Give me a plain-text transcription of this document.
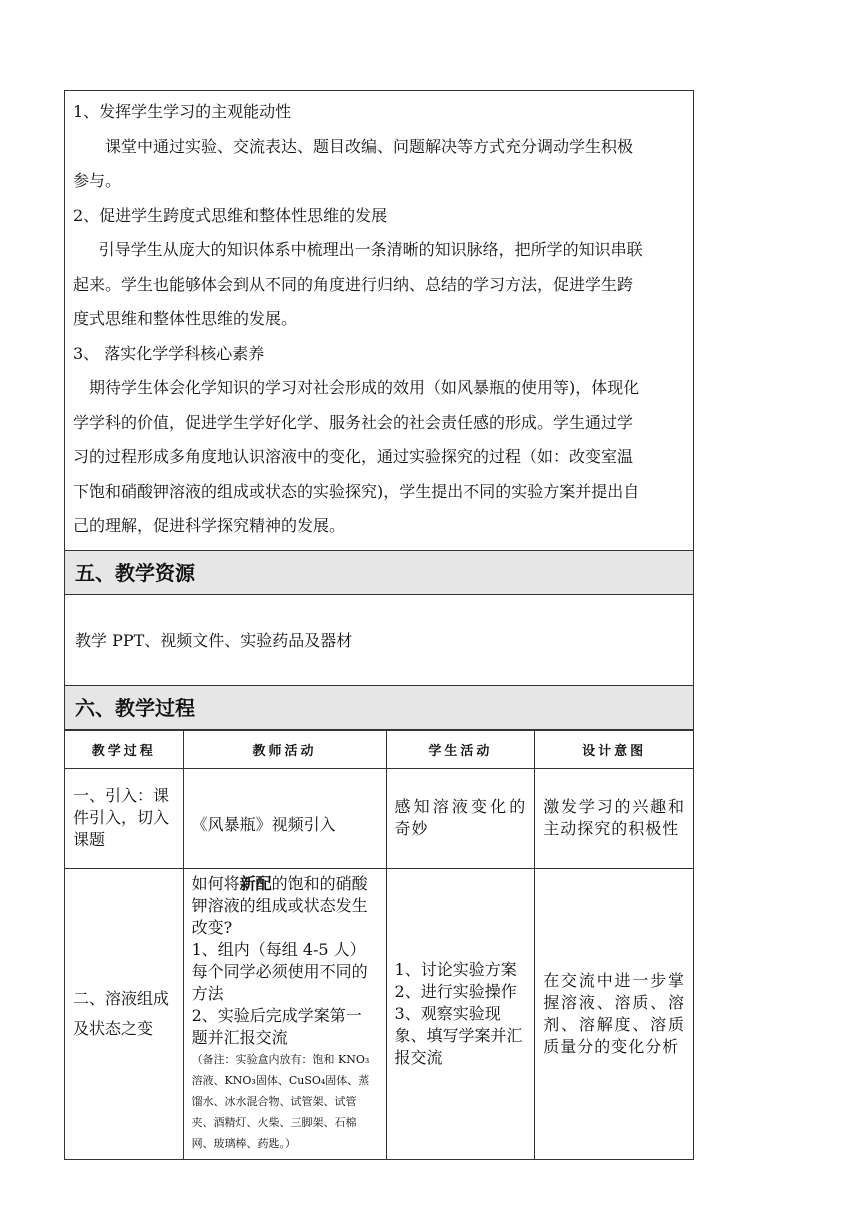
1、发挥学生学习的主观能动性

课堂中通过实验、交流表达、题目改编、问题解决等方式充分调动学生积极

参与。

2、促进学生跨度式思维和整体性思维的发展

引导学生从庞大的知识体系中梳理出一条清晰的知识脉络，把所学的知识串联

起来。学生也能够体会到从不同的角度进行归纳、总结的学习方法，促进学生跨

度式思维和整体性思维的发展。

3、 落实化学学科核心素养

期待学生体会化学知识的学习对社会形成的效用（如风暴瓶的使用等)，体现化

学学科的价值，促进学生学好化学、服务社会的社会责任感的形成。学生通过学

习的过程形成多角度地认识溶液中的变化，通过实验探究的过程（如：改变室温

下饱和硝酸钾溶液的组成或状态的实验探究)，学生提出不同的实验方案并提出自

己的理解，促进科学探究精神的发展。

五、教学资源
教学 PPT、视频文件、实验药品及器材
六、教学过程
教学过程	教师活动	学生活动	设计意图
一、引入：课件引入，切入课题	《风暴瓶》视频引入	感知溶液变化的奇妙	激发学习的兴趣和主动探究的积极性
二、溶液组成及状态之变	如何将新配的饱和的硝酸钾溶液的组成或状态发生改变?
1、组内（每组 4-5 人）每个同学必须使用不同的方法
2、实验后完成学案第一题并汇报交流
（备注：实验盒内放有：饱和 KNO₃溶液、KNO₃固体、CuSO₄固体、蒸馏水、冰水混合物、试管架、试管夹、酒精灯、火柴、三脚架、石棉网、玻璃棒、药匙。）	1、讨论实验方案
2、进行实验操作
3、观察实验现象、填写学案并汇报交流	在交流中进一步掌握溶液、溶质、溶剂、溶解度、溶质质量分的变化分析
